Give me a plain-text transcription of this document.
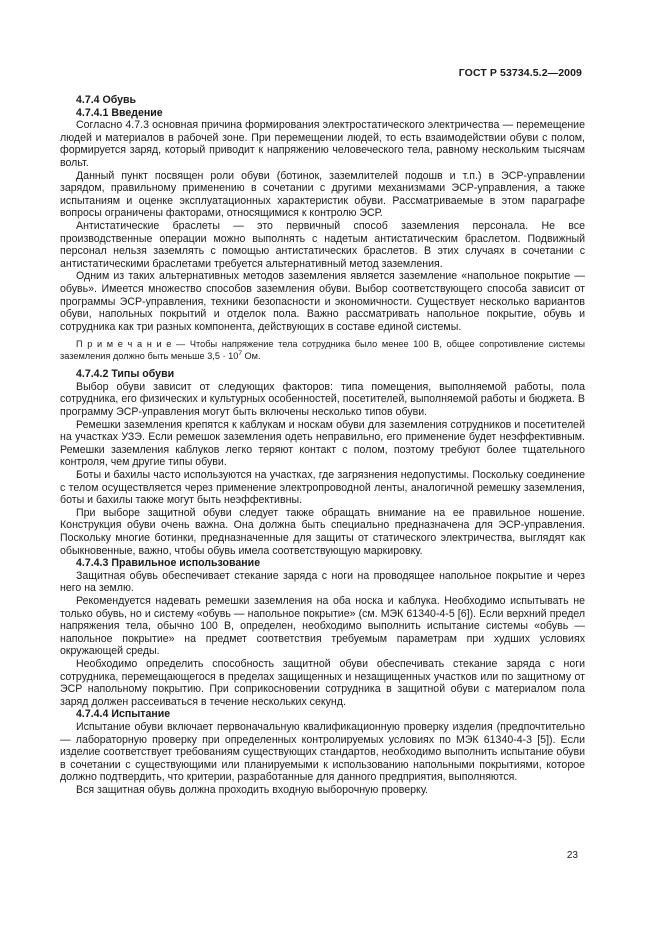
ГОСТ Р 53734.5.2—2009
4.7.4 Обувь
4.7.4.1 Введение

Согласно 4.7.3 основная причина формирования электростатического электричества — перемещение людей и материалов в рабочей зоне. При перемещении людей, то есть взаимодействии обуви с полом, формируется заряд, который приводит к напряжению человеческого тела, равному нескольким тысячам вольт.

Данный пункт посвящен роли обуви (ботинок, заземлителей подошв и т.п.) в ЭСР-управлении зарядом, правильному применению в сочетании с другими механизмами ЭСР-управления, а также испытаниям и оценке эксплуатационных характеристик обуви. Рассматриваемые в этом параграфе вопросы ограничены факторами, относящимися к контролю ЭСР.

Антистатические браслеты — это первичный способ заземления персонала. Не все производственные операции можно выполнять с надетым антистатическим браслетом. Подвижный персонал нельзя заземлять с помощью антистатических браслетов. В этих случаях в сочетании с антистатическими браслетами требуется альтернативный метод заземления.

Одним из таких альтернативных методов заземления является заземление «напольное покрытие — обувь». Имеется множество способов заземления обуви. Выбор соответствующего способа зависит от программы ЭСР-управления, техники безопасности и экономичности. Существует несколько вариантов обуви, напольных покрытий и отделок пола. Важно рассматривать напольное покрытие, обувь и сотрудника как три разных компонента, действующих в составе единой системы.

П р и м е ч а н и е — Чтобы напряжение тела сотрудника было менее 100 В, общее сопротивление системы заземления должно быть меньше $3,5 \cdot 10^7$ Ом.
4.7.4.2 Типы обуви

Выбор обуви зависит от следующих факторов: типа помещения, выполняемой работы, пола сотрудника, его физических и культурных особенностей, посетителей, выполняемой работы и бюджета. В программу ЭСР-управления могут быть включены несколько типов обуви.

Ремешки заземления крепятся к каблукам и носкам обуви для заземления сотрудников и посетителей на участках УЗЭ. Если ремешок заземления одеть неправильно, его применение будет неэффективным. Ремешки заземления каблуков легко теряют контакт с полом, поэтому требуют более тщательного контроля, чем другие типы обуви.

Боты и бахилы часто используются на участках, где загрязнения недопустимы. Поскольку соединение с телом осуществляется через применение электропроводной ленты, аналогичной ремешку заземления, боты и бахилы также могут быть неэффективны.

При выборе защитной обуви следует также обращать внимание на ее правильное ношение. Конструкция обуви очень важна. Она должна быть специально предназначена для ЭСР-управления. Поскольку многие ботинки, предназначенные для защиты от статического электричества, выглядят как обыкновенные, важно, чтобы обувь имела соответствующую маркировку.

4.7.4.3 Правильное использование

Защитная обувь обеспечивает стекание заряда с ноги на проводящее напольное покрытие и через него на землю.

Рекомендуется надевать ремешки заземления на оба носка и каблука. Необходимо испытывать не только обувь, но и систему «обувь — напольное покрытие» (см. МЭК 61340-4-5 [6]). Если верхний предел напряжения тела, обычно 100 В, определен, необходимо выполнить испытание системы «обувь — напольное покрытие» на предмет соответствия требуемым параметрам при худших условиях окружающей среды.

Необходимо определить способность защитной обуви обеспечивать стекание заряда с ноги сотрудника, перемещающегося в пределах защищенных и незащищенных участков или по защитному от ЭСР напольному покрытию. При соприкосновении сотрудника в защитной обуви с материалом пола заряд должен рассеиваться в течение нескольких секунд.

4.7.4.4 Испытание

Испытание обуви включает первоначальную квалификационную проверку изделия (предпочтительно — лабораторную проверку при определенных контролируемых условиях по МЭК 61340-4-3 [5]). Если изделие соответствует требованиям существующих стандартов, необходимо выполнить испытание обуви в сочетании с существующими или планируемыми к использованию напольными покрытиями, которое должно подтвердить, что критерии, разработанные для данного предприятия, выполняются.

Вся защитная обувь должна проходить входную выборочную проверку.

23
